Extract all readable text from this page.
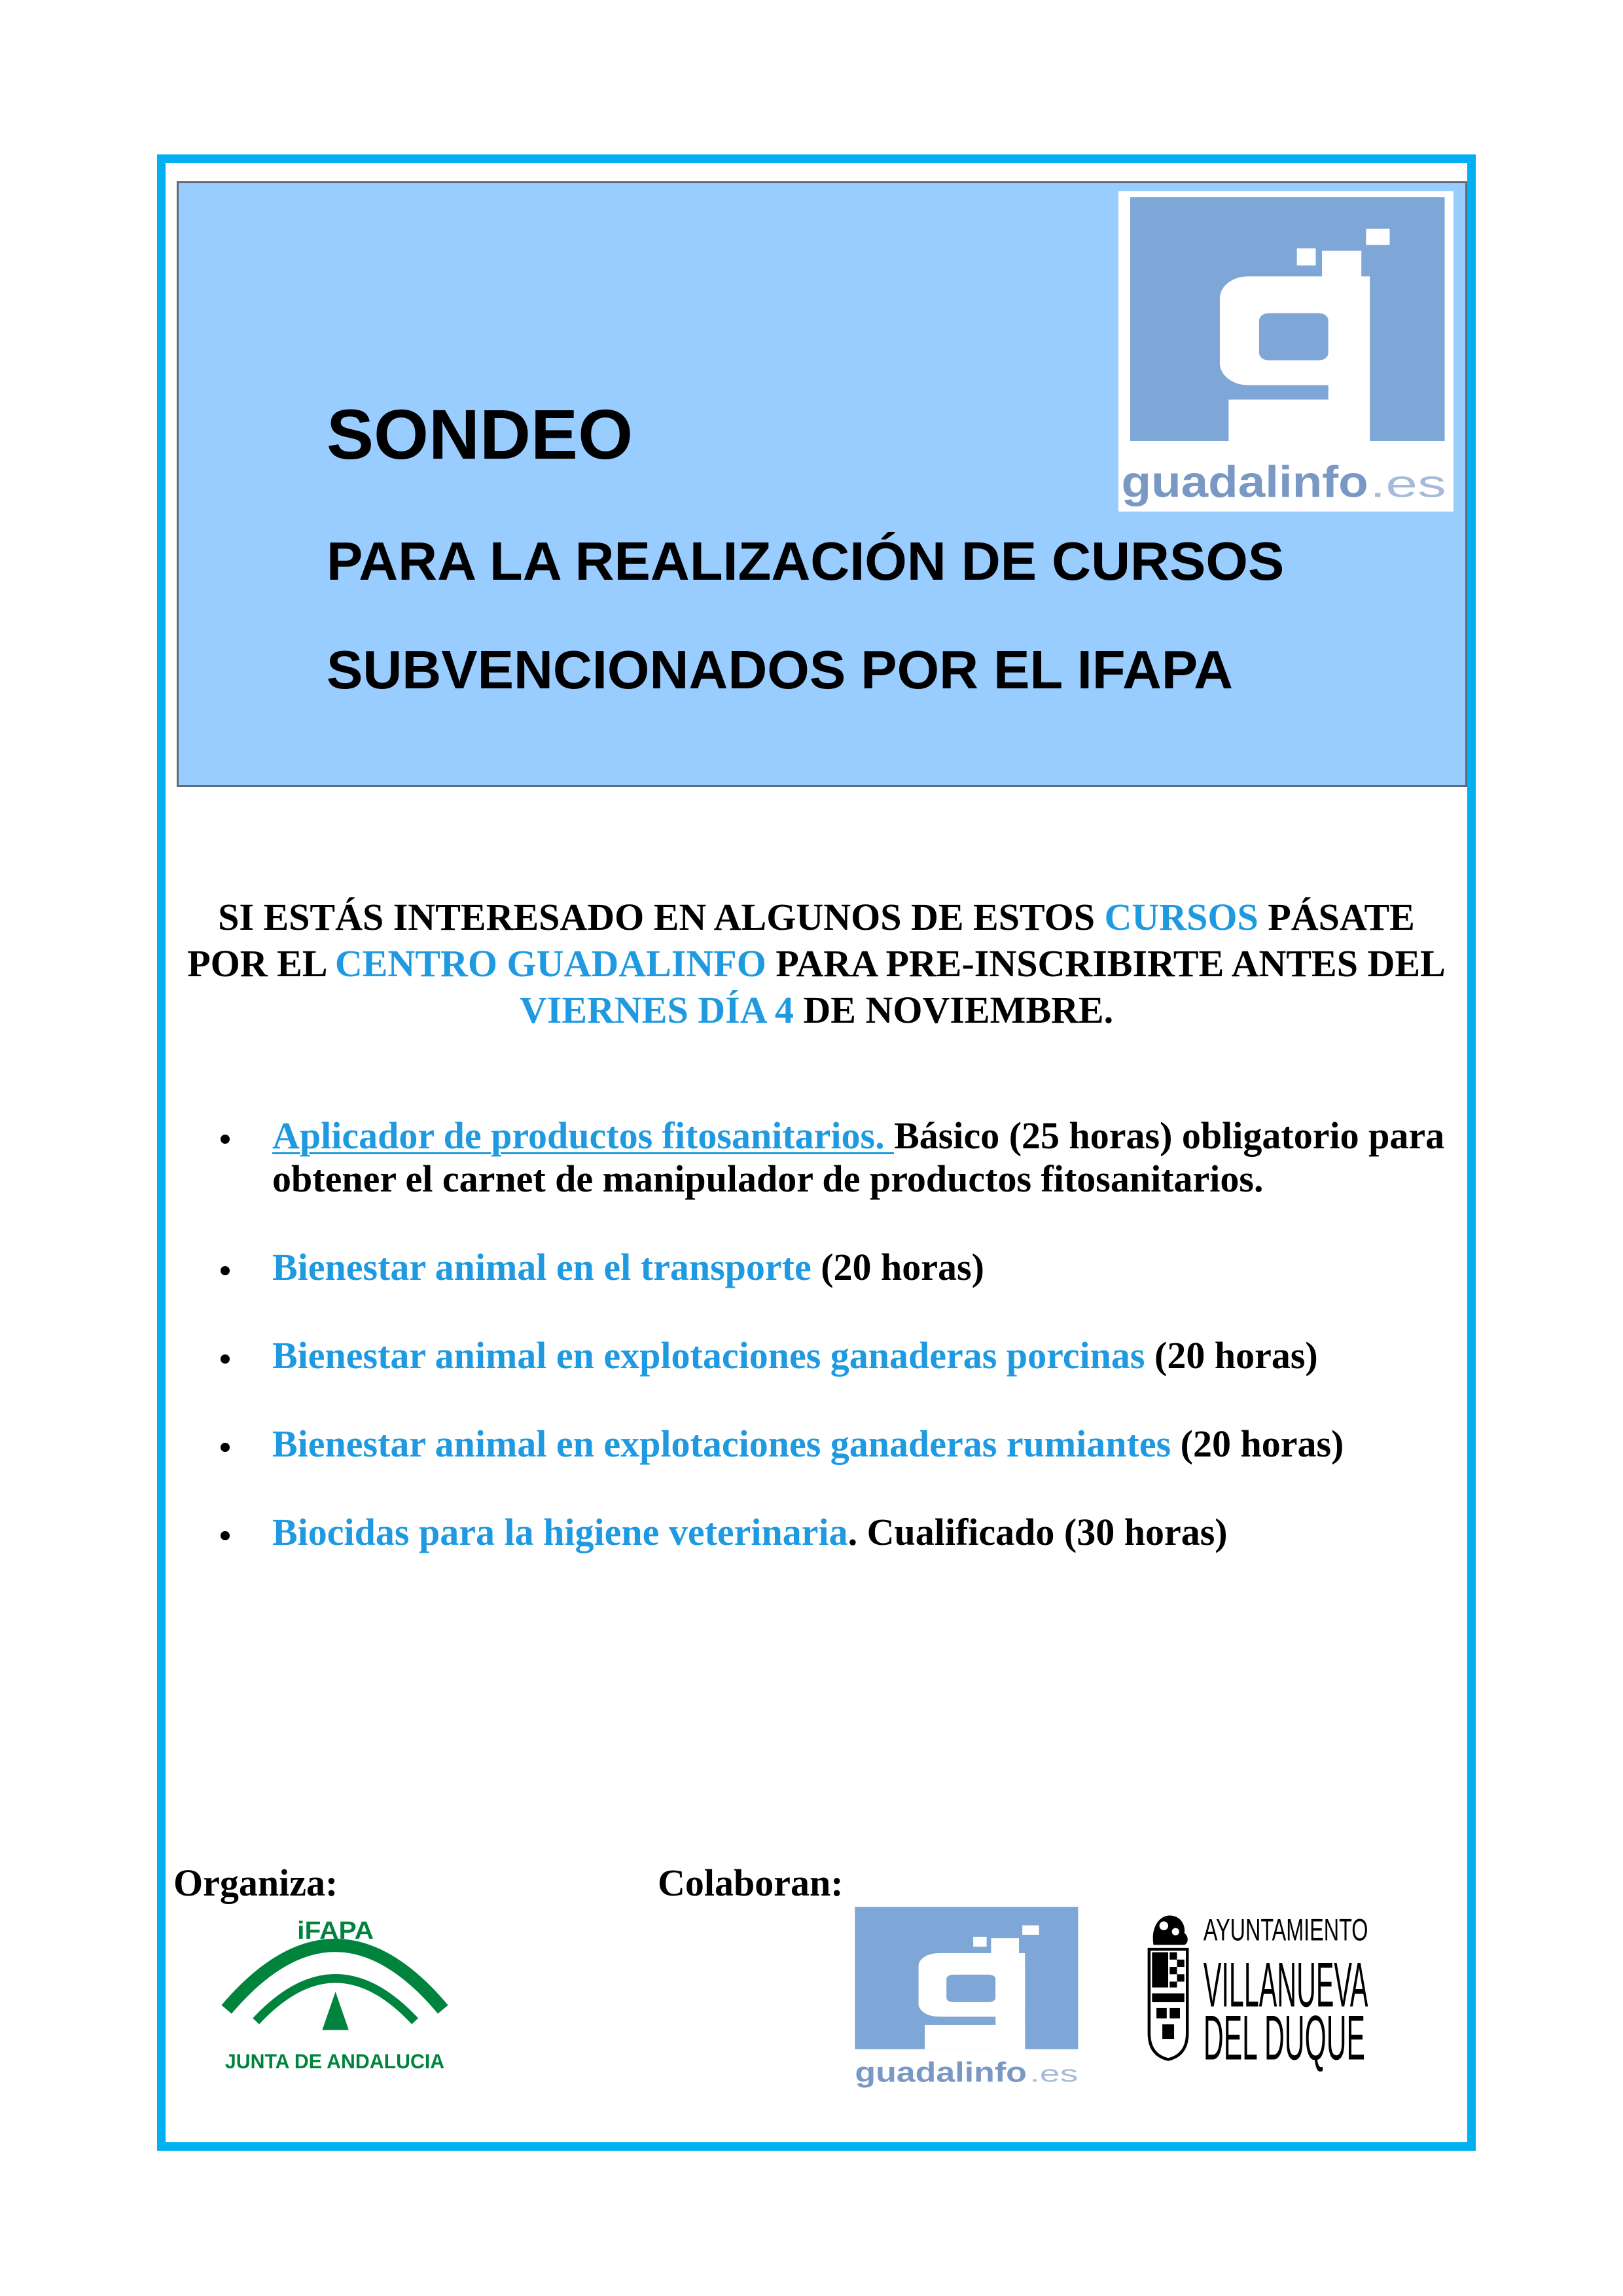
SONDEO
PARA LA REALIZACIÓN DE CURSOS
SUBVENCIONADOS POR EL IFAPA
guadalinfo .es
SI ESTÁS INTERESADO EN ALGUNOS DE ESTOS CURSOS PÁSATE
POR EL CENTRO GUADALINFO PARA PRE-INSCRIBIRTE ANTES DEL
VIERNES DÍA 4 DE NOVIEMBRE.
Aplicador de productos fitosanitarios. Básico (25 horas) obligatorio para obtener el carnet de manipulador de productos fitosanitarios.
Bienestar animal en el transporte (20 horas)
Bienestar animal en explotaciones ganaderas porcinas (20 horas)
Bienestar animal en explotaciones ganaderas rumiantes (20 horas)
Biocidas para la higiene veterinaria. Cualificado (30 horas)
Organiza:	Colaboran:
iFAPA
JUNTA DE ANDALUCIA	guadalinfo .es
AYUNTAMIENTO
VILLANUEVA
DEL DUQUE
